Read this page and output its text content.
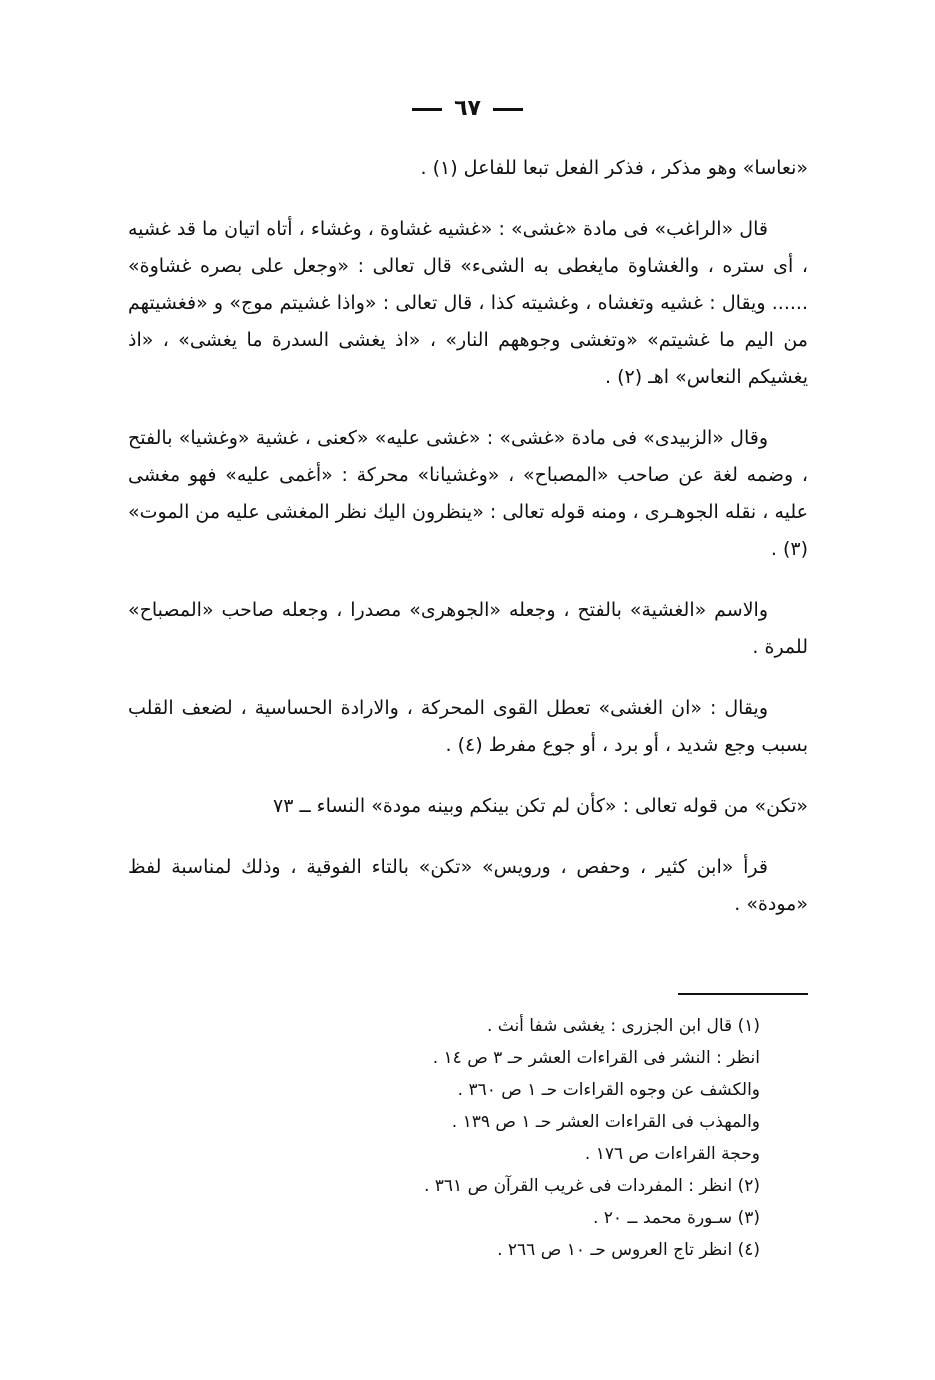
٦٧

«نعاسا» وهو مذكر ، فذكر الفعل تبعا للفاعل (١) .

قال «الراغب» فى مادة «غشى» : «غشيه غشاوة ، وغشاء ، أتاه اتيان ما قد غشيه ، أى ستره ، والغشاوة مايغطى به الشىء» قال تعالى : «وجعل على بصره غشاوة» ...... ويقال : غشيه وتغشاه ، وغشيته كذا ، قال تعالى : «واذا غشيتم موج» و «فغشيتهم من اليم ما غشيتم» «وتغشى وجوههم النار» ، «اذ يغشى السدرة ما يغشى» ، «اذ يغشيكم النعاس» اهـ (٢) .

وقال «الزبيدى» فى مادة «غشى» : «غشى عليه» «كعنى ، غشية «وغشيا» بالفتح ، وضمه لغة عن صاحب «المصباح» ، «وغشيانا» محركة : «أغمى عليه» فهو مغشى عليه ، نقله الجوهـرى ، ومنه قوله تعالى : «ينظرون اليك نظر المغشى عليه من الموت» (٣) .

والاسم «الغشية» بالفتح ، وجعله «الجوهرى» مصدرا ، وجعله صاحب «المصباح» للمرة .

ويقال : «ان الغشى» تعطل القوى المحركة ، والارادة الحساسية ، لضعف القلب بسبب وجع شديد ، أو برد ، أو جوع مفرط (٤) .

«تكن» من قوله تعالى : «كأن لم تكن بينكم وبينه مودة» النساء ــ ٧٣

قرأ «ابن كثير ، وحفص ، ورويس» «تكن» بالتاء الفوقية ، وذلك لمناسبة لفظ «مودة» .

(١) قال ابن الجزرى : يغشى شفا أنث .
انظر : النشر فى القراءات العشر حـ ٣ ص ١٤ .
والكشف عن وجوه القراءات حـ ١ ص ٣٦٠ .
والمهذب فى القراءات العشر حـ ١ ص ١٣٩ .
وحجة القراءات ص ١٧٦ .
(٢) انظر : المفردات فى غريب القرآن ص ٣٦١ .
(٣) سـورة محمد ــ ٢٠ .
(٤) انظر تاج العروس حـ ١٠ ص ٢٦٦ .
